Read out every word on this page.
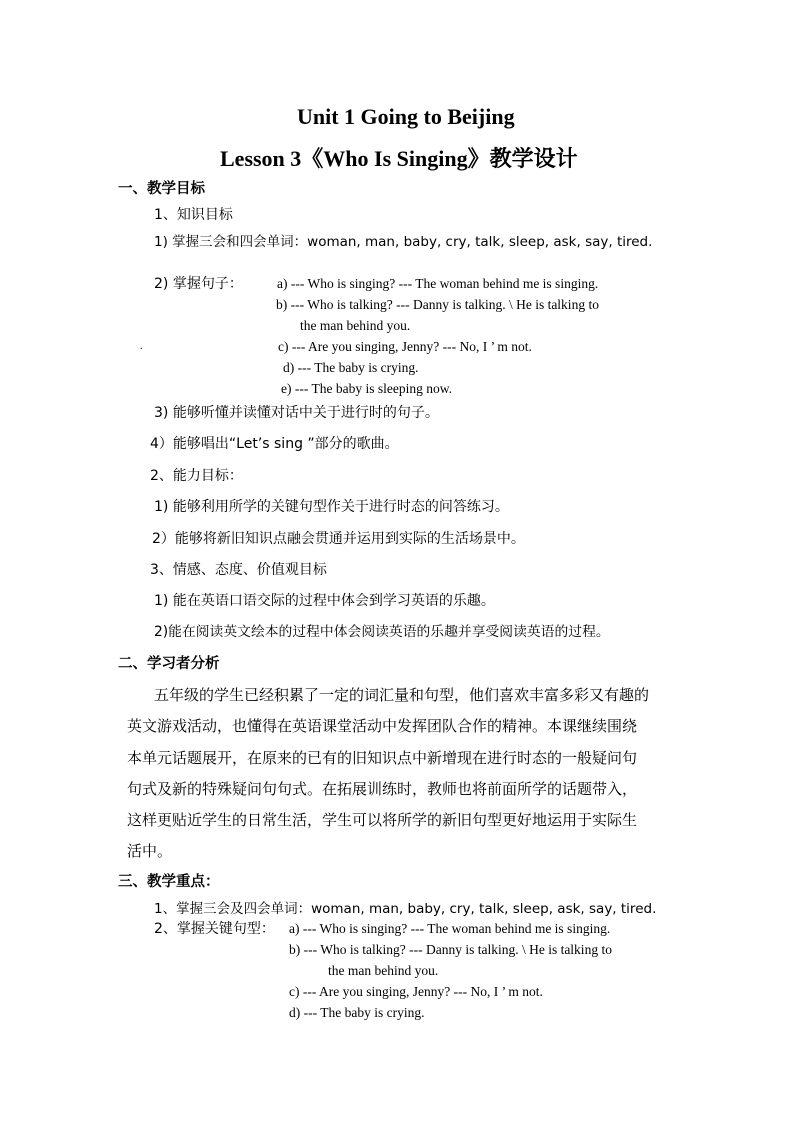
Unit 1 Going to Beijing
Lesson 3《Who Is Singing》教学设计
一、教学目标
1、知识目标
1) 掌握三会和四会单词：woman, man, baby, cry, talk, sleep, ask, say, tired.
2) 掌握句子：	a) --- Who is singing? --- The woman behind me is singing.
b) --- Who is talking? --- Danny is talking. \ He is talking to
the man behind you.
.	c) --- Are you singing, Jenny? --- No, I ’ m not.
d) --- The baby is crying.
e) --- The baby is sleeping now.
3) 能够听懂并读懂对话中关于进行时的句子。
4）能够唱出“Let’s sing ”部分的歌曲。
2、能力目标：
1) 能够利用所学的关键句型作关于进行时态的问答练习。
2）能够将新旧知识点融会贯通并运用到实际的生活场景中。
3、情感、态度、价值观目标
1) 能在英语口语交际的过程中体会到学习英语的乐趣。
2)能在阅读英文绘本的过程中体会阅读英语的乐趣并享受阅读英语的过程。
二、学习者分析
五年级的学生已经积累了一定的词汇量和句型，他们喜欢丰富多彩又有趣的
英文游戏活动，也懂得在英语课堂活动中发挥团队合作的精神。本课继续围绕
本单元话题展开，在原来的已有的旧知识点中新增现在进行时态的一般疑问句
句式及新的特殊疑问句句式。在拓展训练时，教师也将前面所学的话题带入，
这样更贴近学生的日常生活，学生可以将所学的新旧句型更好地运用于实际生
活中。
三、教学重点：
1、掌握三会及四会单词：woman, man, baby, cry, talk, sleep, ask, say, tired.
2、掌握关键句型： a) --- Who is singing? --- The woman behind me is singing.
b) --- Who is talking? --- Danny is talking. \ He is talking to
the man behind you.
c) --- Are you singing, Jenny? --- No, I ’ m not.
d) --- The baby is crying.
